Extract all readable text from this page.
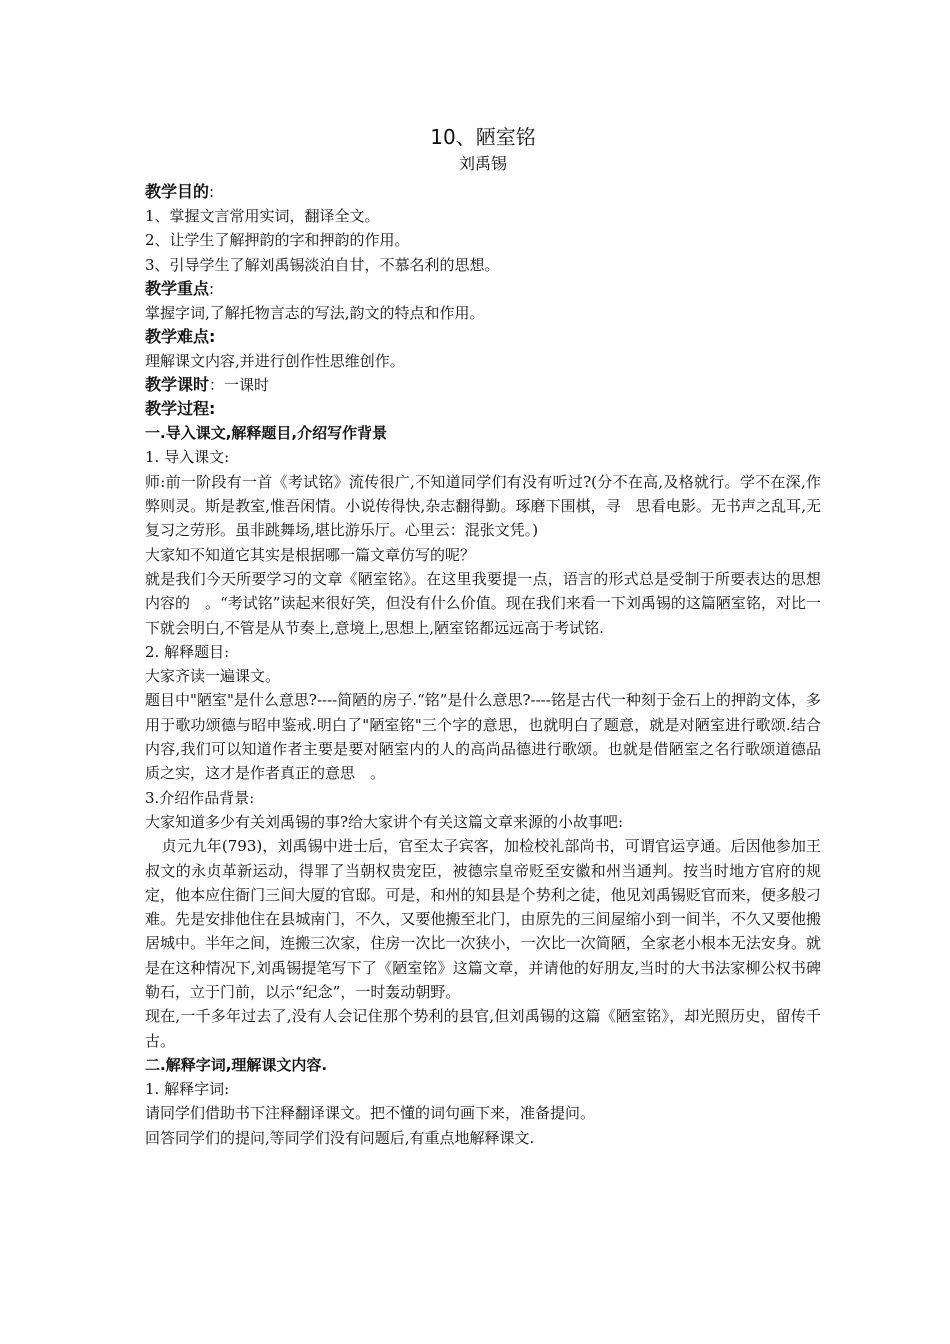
10、陋室铭
刘禹锡
教学目的:

1、掌握文言常用实词，翻译全文。

2、让学生了解押韵的字和押韵的作用。

3、引导学生了解刘禹锡淡泊自甘，不慕名利的思想。

教学重点:

掌握字词,了解托物言志的写法,韵文的特点和作用。

教学难点:

理解课文内容,并进行创作性思维创作。

教学课时：一课时
教学过程:
一.导入课文,解释题目,介绍写作背景

1. 导入课文:

师:前一阶段有一首《考试铭》流传很广,不知道同学们有没有听过?(分不在高,及格就行。学不在深,作弊则灵。斯是教室,惟吾闲情。小说传得快,杂志翻得勤。琢磨下围棋，寻　思看电影。无书声之乱耳,无复习之劳形。虽非跳舞场,堪比游乐厅。心里云：混张文凭。)

大家知不知道它其实是根据哪一篇文章仿写的呢？

就是我们今天所要学习的文章《陋室铭》。在这里我要提一点，语言的形式总是受制于所要表达的思想内容的　。“考试铭”读起来很好笑，但没有什么价值。现在我们来看一下刘禹锡的这篇陋室铭，对比一下就会明白,不管是从节奏上,意境上,思想上,陋室铭都远远高于考试铭.

2. 解释题目:

大家齐读一遍课文。

题目中"陋室"是什么意思?----简陋的房子.“铭”是什么意思?----铭是古代一种刻于金石上的押韵文体，多用于歌功颂德与昭申鉴戒.明白了"陋室铭"三个字的意思，也就明白了题意，就是对陋室进行歌颂.结合内容,我们可以知道作者主要是要对陋室内的人的高尚品德进行歌颂。也就是借陋室之名行歌颂道德品质之实，这才是作者真正的意思　。

3.介绍作品背景:

大家知道多少有关刘禹锡的事?给大家讲个有关这篇文章来源的小故事吧:

贞元九年(793)，刘禹锡中进士后，官至太子宾客，加检校礼部尚书，可谓官运亨通。后因他参加王叔文的永贞革新运动，得罪了当朝权贵宠臣，被德宗皇帝贬至安徽和州当通判。按当时地方官府的规定，他本应住衙门三间大厦的官邸。可是，和州的知县是个势利之徒，他见刘禹锡贬官而来，便多般刁难。先是安排他住在县城南门，不久，又要他搬至北门，由原先的三间屋缩小到一间半，不久又要他搬居城中。半年之间，连搬三次家，住房一次比一次狭小，一次比一次简陋，全家老小根本无法安身。就是在这种情况下,刘禹锡提笔写下了《陋室铭》这篇文章，并请他的好朋友,当时的大书法家柳公权书碑勒石，立于门前，以示“纪念”，一时轰动朝野。

现在,一千多年过去了,没有人会记住那个势利的县官,但刘禹锡的这篇《陋室铭》，却光照历史，留传千古。

二.解释字词,理解课文内容.

1. 解释字词:

请同学们借助书下注释翻译课文。把不懂的词句画下来，准备提问。

回答同学们的提问,等同学们没有问题后,有重点地解释课文.
